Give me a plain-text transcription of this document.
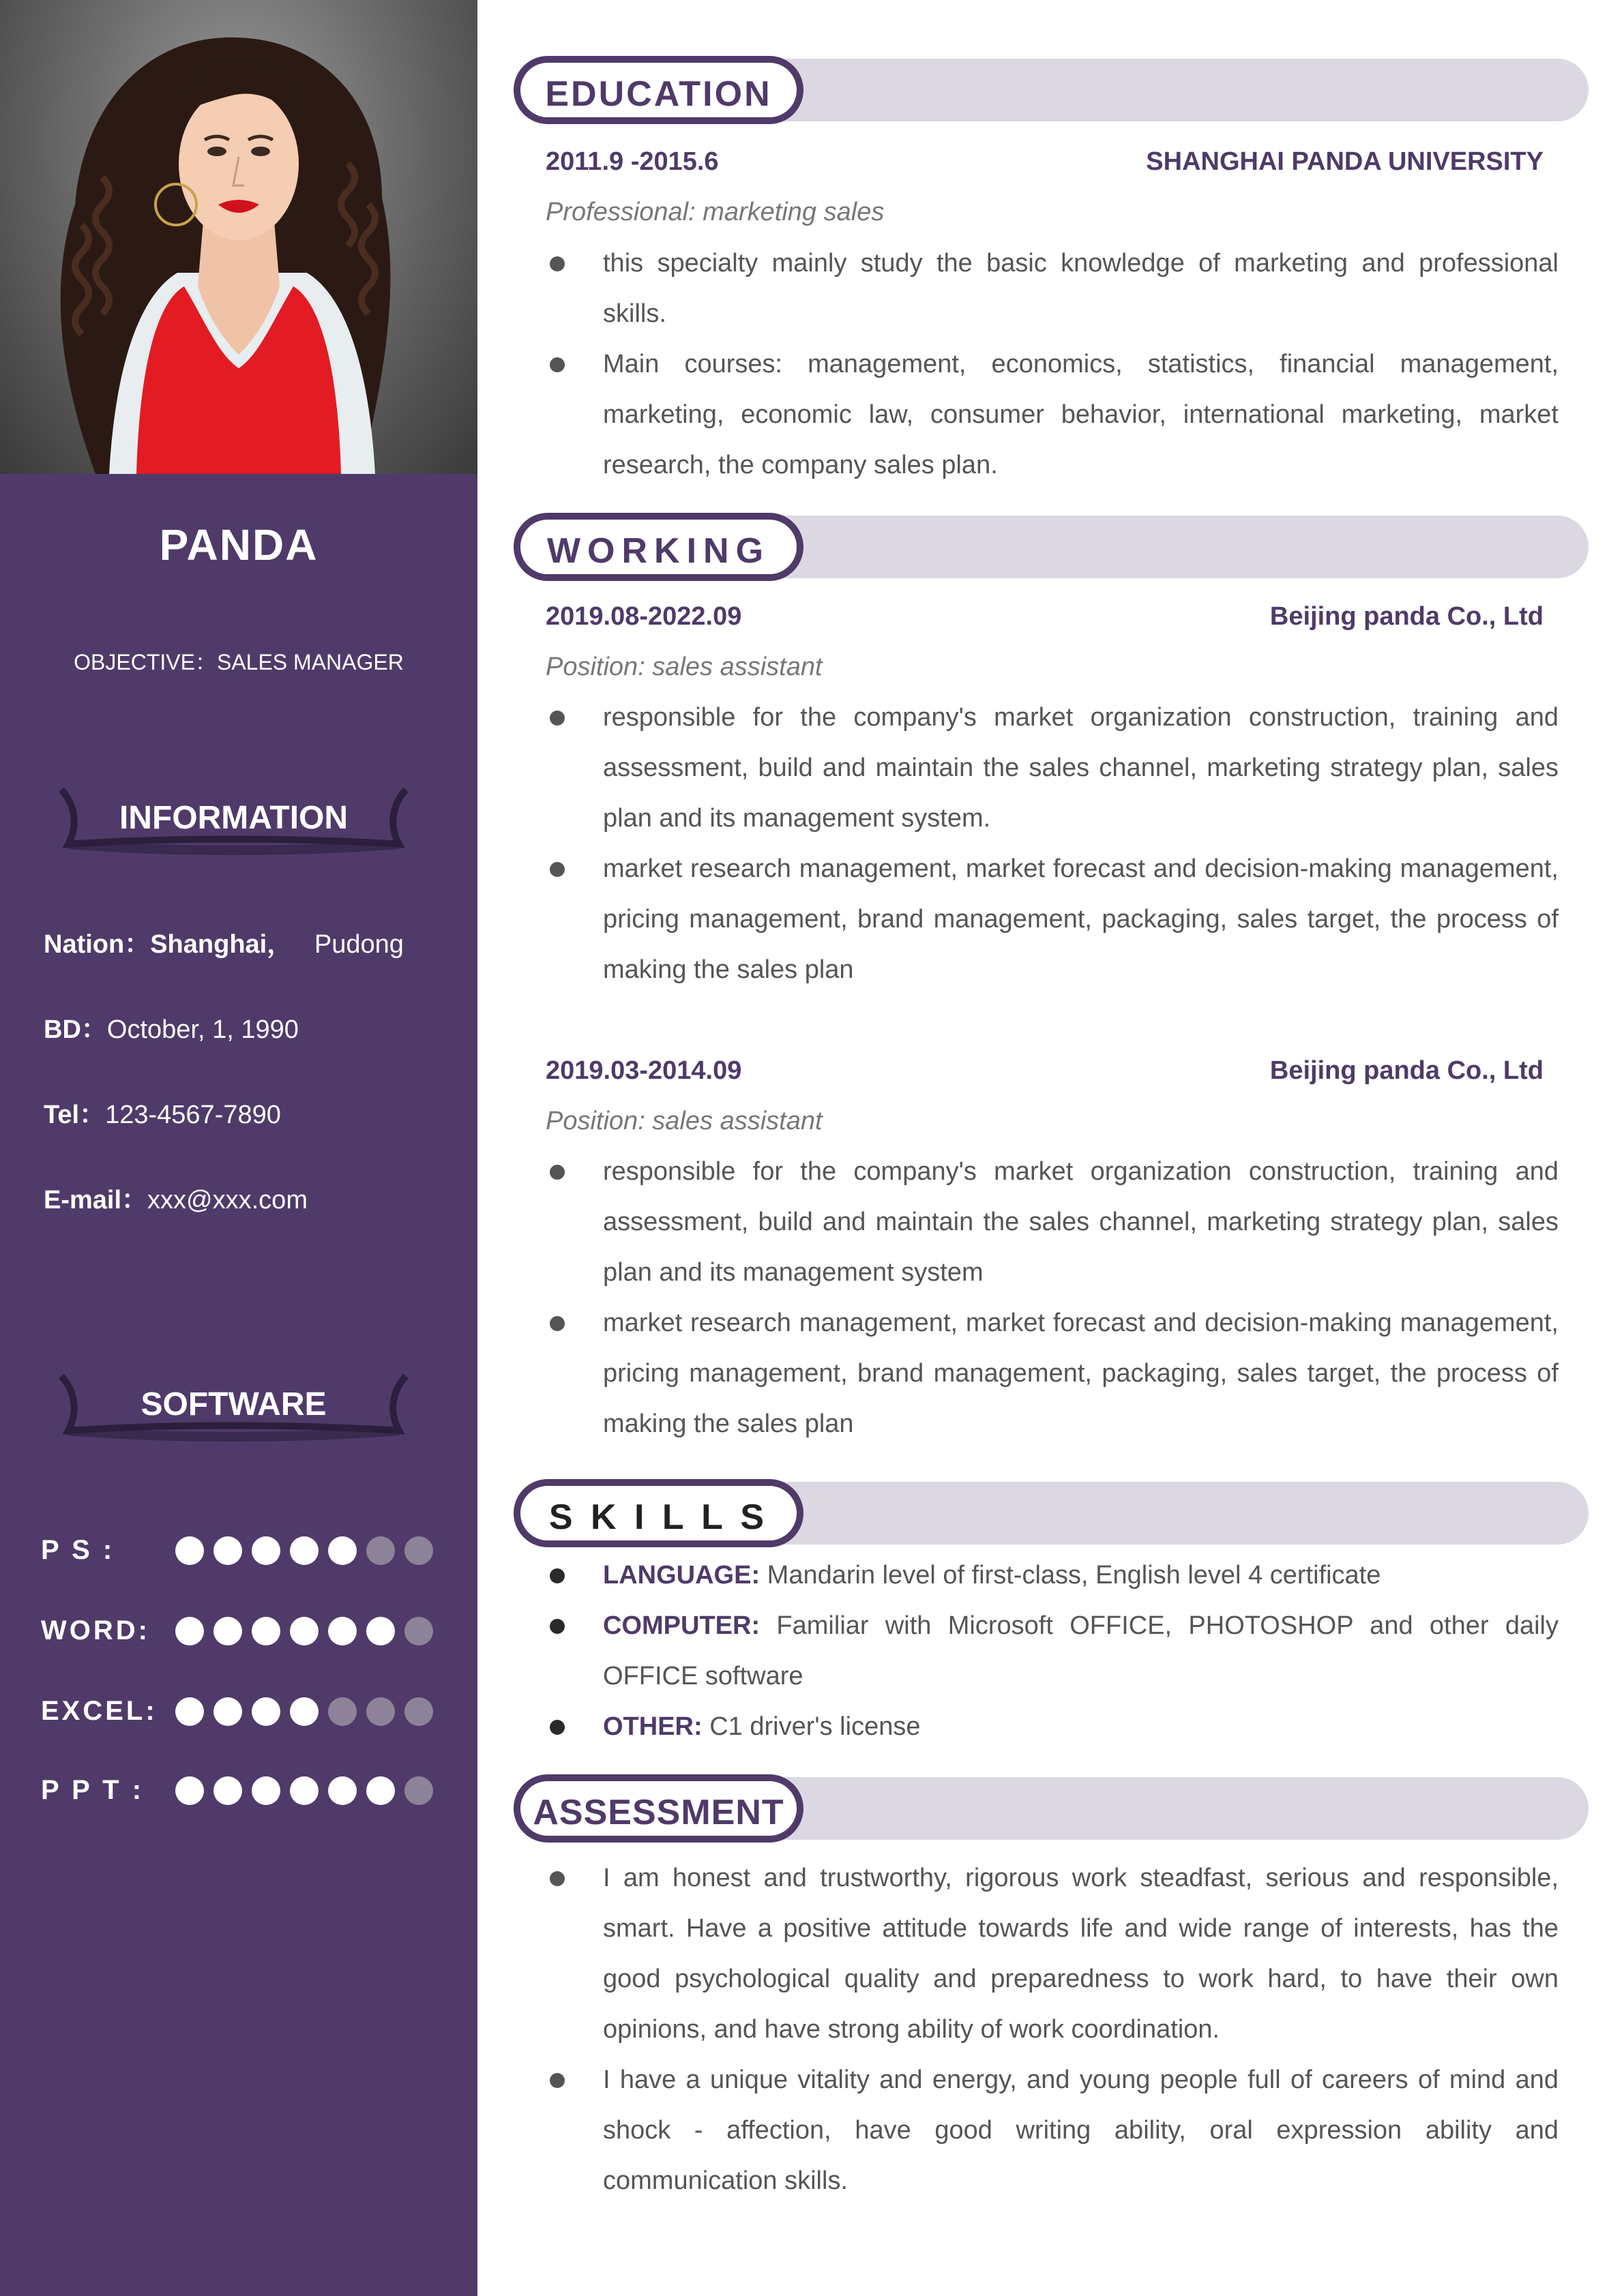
PANDA
OBJECTIVE：SALES MANAGER
INFORMATION
Nation：Shanghai，   Pudong
BD：October, 1, 1990
Tel：123-4567-7890
E-mail：xxx@xxx.com
SOFTWARE
P S :
WORD:
EXCEL:
P P T :
EDUCATION
2011.9 -2015.6	SHANGHAI PANDA UNIVERSITY
Professional: marketing sales
this specialty mainly study the basic knowledge of marketing and professional skills.
Main courses: management, economics, statistics, financial management, marketing, economic law, consumer behavior, international marketing, market research, the company sales plan.
WORKING
2019.08-2022.09	Beijing panda Co., Ltd
Position: sales assistant
responsible for the company's market organization construction, training and assessment, build and maintain the sales channel, marketing strategy plan, sales plan and its management system.
market research management, market forecast and decision-making management, pricing management, brand management, packaging, sales target, the process of making the sales plan
2019.03-2014.09	Beijing panda Co., Ltd
Position: sales assistant
responsible for the company's market organization construction, training and assessment, build and maintain the sales channel, marketing strategy plan, sales plan and its management system
market research management, market forecast and decision-making management, pricing management, brand management, packaging, sales target, the process of making the sales plan
S K I L L S
LANGUAGE: Mandarin level of first-class, English level 4 certificate
COMPUTER: Familiar with Microsoft OFFICE, PHOTOSHOP and other daily OFFICE software
OTHER: C1 driver's license
ASSESSMENT
I am honest and trustworthy, rigorous work steadfast, serious and responsible, smart. Have a positive attitude towards life and wide range of interests, has the good psychological quality and preparedness to work hard, to have their own opinions, and have strong ability of work coordination.
I have a unique vitality and energy, and young people full of careers of mind and shock - affection, have good writing ability, oral expression ability and communication skills.
